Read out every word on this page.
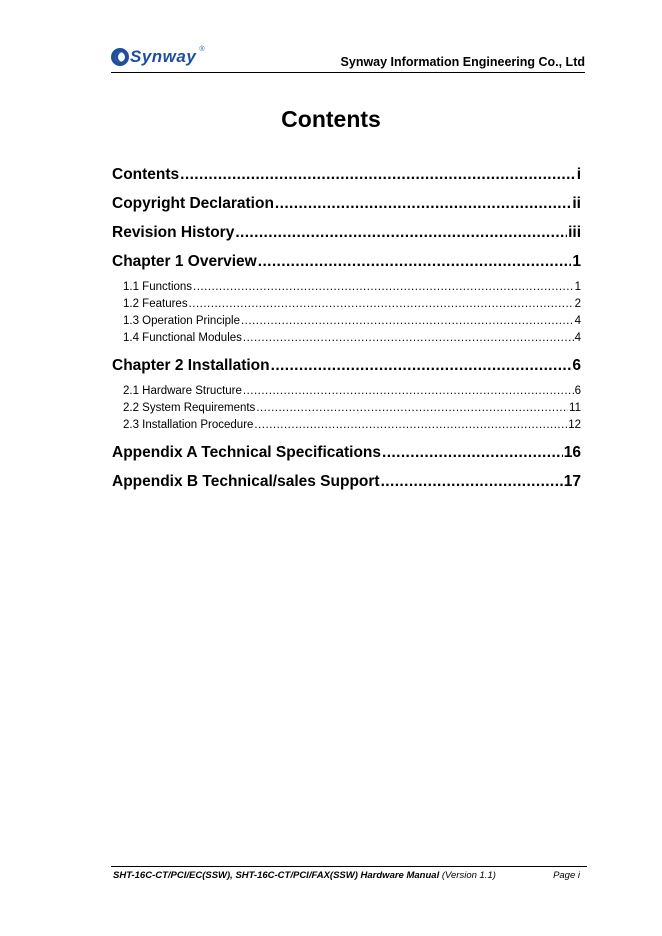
Synway ®
Synway Information Engineering Co., Ltd
Contents
Contents .....	i
Copyright Declaration .....	ii
Revision History .....	iii
Chapter 1 Overview .....	1
1.1 Functions .....	1
1.2 Features .....	2
1.3 Operation Principle .....	4
1.4 Functional Modules .....	4
Chapter 2 Installation .....	6
2.1 Hardware Structure .....	6
2.2 System Requirements .....	11
2.3 Installation Procedure .....	12
Appendix A Technical Specifications .....	16
Appendix B Technical/sales Support .....	17
SHT-16C-CT/PCI/EC(SSW), SHT-16C-CT/PCI/FAX(SSW) Hardware Manual (Version 1.1)	Page i
